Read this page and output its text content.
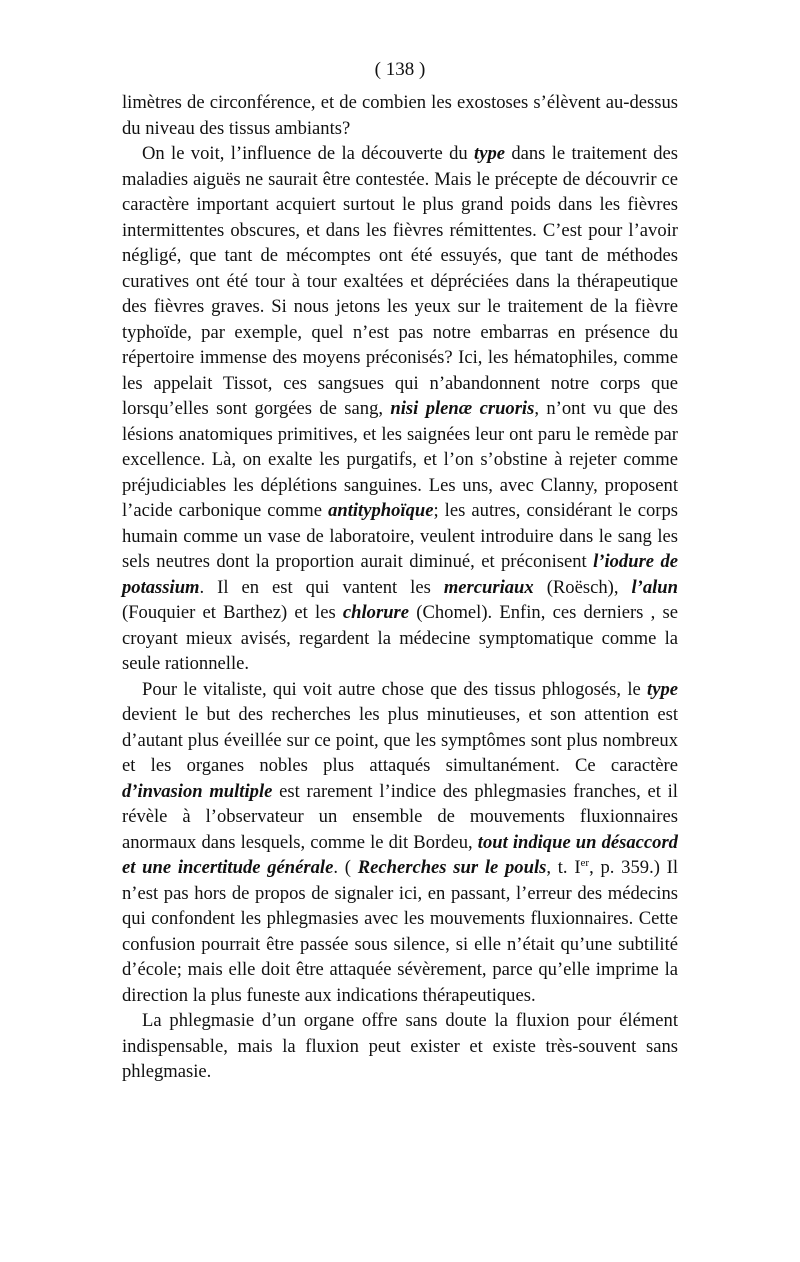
( 138 )

limètres de circonférence, et de combien les exostoses s’élèvent au-dessus du niveau des tissus ambiants?

On le voit, l’influence de la découverte du type dans le traitement des maladies aiguës ne saurait être contestée. Mais le précepte de découvrir ce caractère important acquiert surtout le plus grand poids dans les fièvres intermittentes obscures, et dans les fièvres rémittentes. C’est pour l’avoir négligé, que tant de mécomptes ont été essuyés, que tant de méthodes curatives ont été tour à tour exaltées et dépréciées dans la thérapeutique des fièvres graves. Si nous jetons les yeux sur le traitement de la fièvre typhoïde, par exemple, quel n’est pas notre embarras en présence du répertoire immense des moyens préconisés? Ici, les hématophiles, comme les appelait Tissot, ces sangsues qui n’abandonnent notre corps que lorsqu’elles sont gorgées de sang, nisi plenæ cruoris, n’ont vu que des lésions anatomiques primitives, et les saignées leur ont paru le remède par excellence. Là, on exalte les purgatifs, et l’on s’obstine à rejeter comme préjudiciables les déplétions sanguines. Les uns, avec Clanny, proposent l’acide carbonique comme antityphoïque; les autres, considérant le corps humain comme un vase de laboratoire, veulent introduire dans le sang les sels neutres dont la proportion aurait diminué, et préconisent l’iodure de potassium. Il en est qui vantent les mercuriaux (Roësch), l’alun (Fouquier et Barthez) et les chlorure (Chomel). Enfin, ces derniers , se croyant mieux avisés, regardent la médecine symptomatique comme la seule rationnelle.

Pour le vitaliste, qui voit autre chose que des tissus phlogosés, le type devient le but des recherches les plus minutieuses, et son attention est d’autant plus éveillée sur ce point, que les symptômes sont plus nombreux et les organes nobles plus attaqués simultanément. Ce caractère d’invasion multiple est rarement l’indice des phlegmasies franches, et il révèle à l’observateur un ensemble de mouvements fluxionnaires anormaux dans lesquels, comme le dit Bordeu, tout indique un désaccord et une incertitude générale. ( Recherches sur le pouls, t. Ier, p. 359.) Il n’est pas hors de propos de signaler ici, en passant, l’erreur des médecins qui confondent les phlegmasies avec les mouvements fluxionnaires. Cette confusion pourrait être passée sous silence, si elle n’était qu’une subtilité d’école; mais elle doit être attaquée sévèrement, parce qu’elle imprime la direction la plus funeste aux indications thérapeutiques.

La phlegmasie d’un organe offre sans doute la fluxion pour élément indispensable, mais la fluxion peut exister et existe très-souvent sans phlegmasie.
